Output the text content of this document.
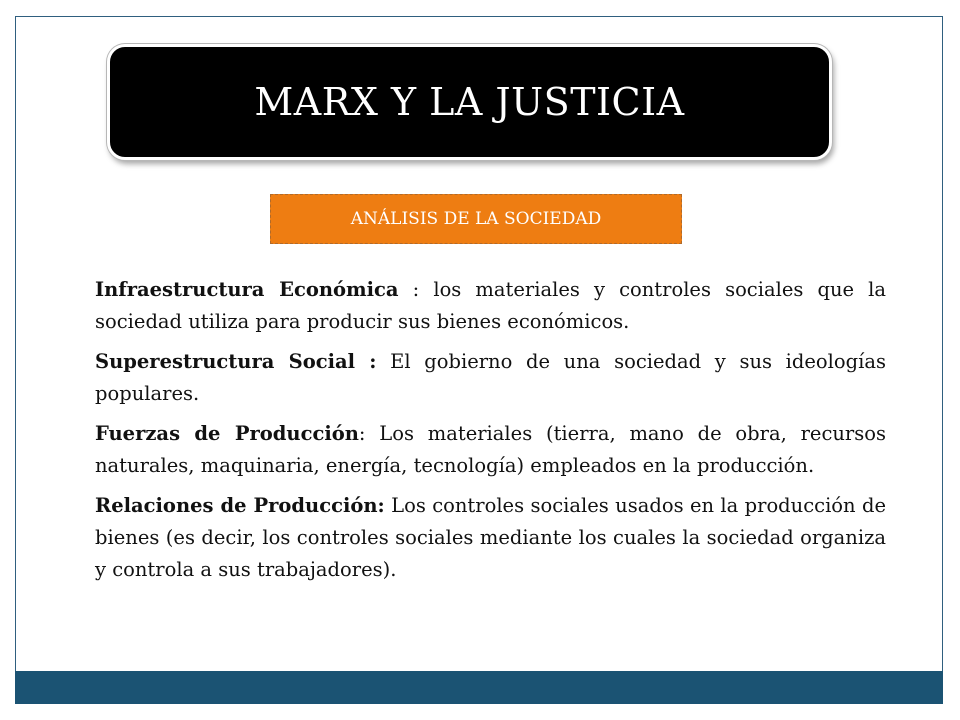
MARX Y LA JUSTICIA
ANÁLISIS DE LA SOCIEDAD

Infraestructura Económica : los materiales y controles sociales que la sociedad utiliza para producir sus bienes económicos.

Superestructura Social : El gobierno de una sociedad y sus ideologías populares.

Fuerzas de Producción: Los materiales (tierra, mano de obra, recursos naturales, maquinaria, energía, tecnología) empleados en la producción.

Relaciones de Producción: Los controles sociales usados en la producción de bienes (es decir, los controles sociales mediante los cuales la sociedad organiza y controla a sus trabajadores).
